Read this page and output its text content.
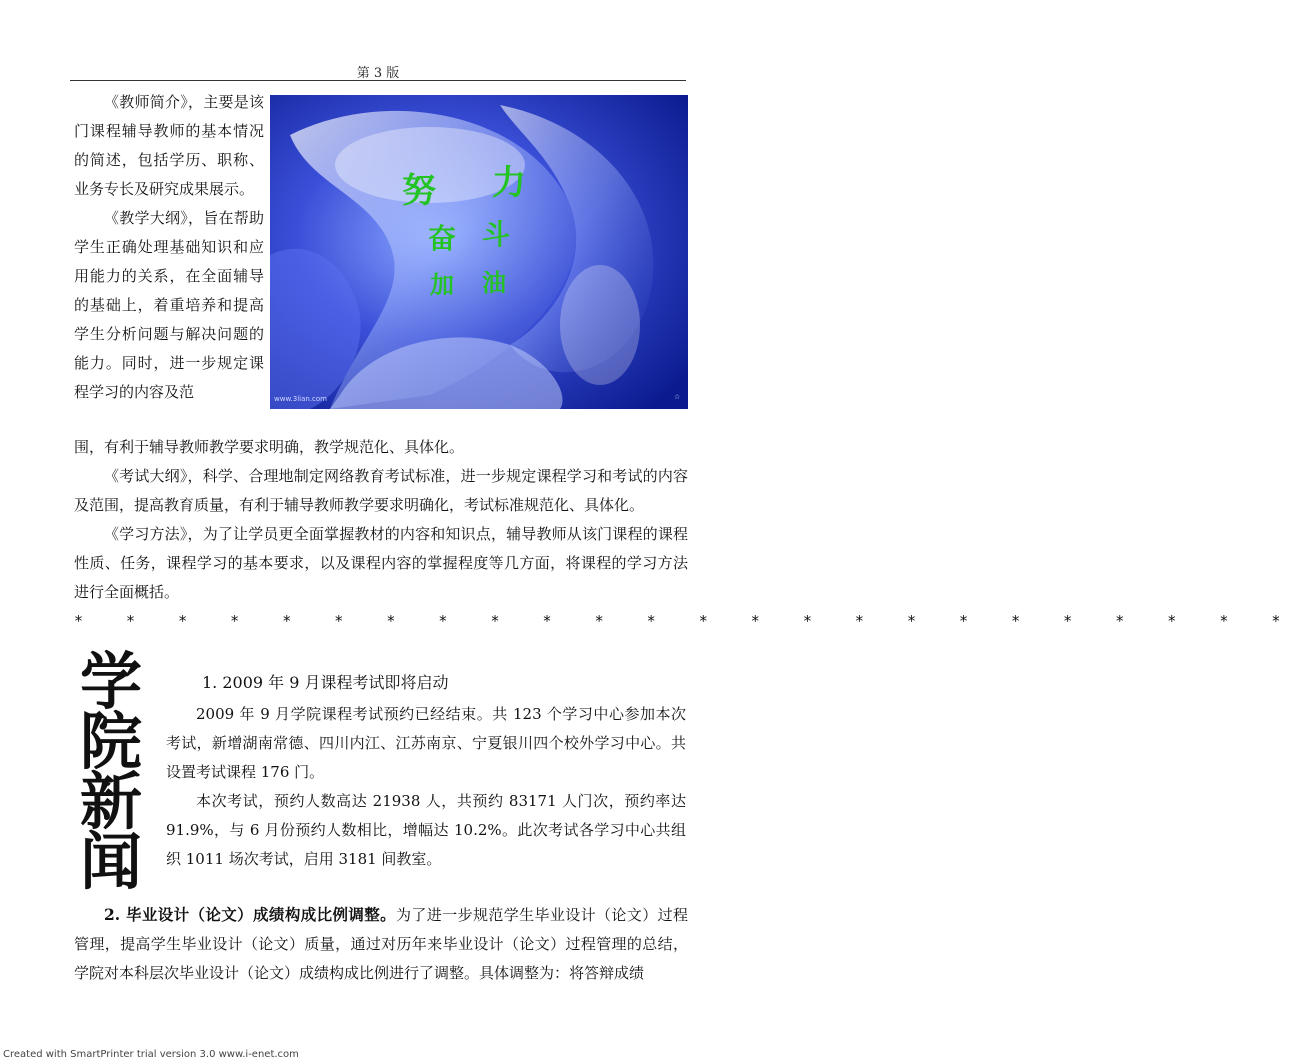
第 3 版

《教师简介》，主要是该门课程辅导教师的基本情况的简述，包括学历、职称、业务专长及研究成果展示。

《教学大纲》，旨在帮助学生正确处理基础知识和应用能力的关系，在全面辅导的基础上，着重培养和提高学生分析问题与解决问题的能力。同时，进一步规定课程学习的内容及范

努 力
奋 斗
加 油
www.3lian.com	☆

围，有利于辅导教师教学要求明确，教学规范化、具体化。

《考试大纲》，科学、合理地制定网络教育考试标准，进一步规定课程学习和考试的内容及范围，提高教育质量，有利于辅导教师教学要求明确化，考试标准规范化、具体化。

《学习方法》，为了让学员更全面掌握教材的内容和知识点，辅导教师从该门课程的课程性质、任务，课程学习的基本要求，以及课程内容的掌握程度等几方面，将课程的学习方法进行全面概括。

* * * * * * * * * * * * * * * * * * * * * * * *
学
院
新
闻
1. 2009 年 9 月课程考试即将启动

2009 年 9 月学院课程考试预约已经结束。共 123 个学习中心参加本次考试，新增湖南常德、四川内江、江苏南京、宁夏银川四个校外学习中心。共设置考试课程 176 门。

本次考试，预约人数高达 21938 人，共预约 83171 人门次，预约率达 91.9%，与 6 月份预约人数相比，增幅达 10.2%。此次考试各学习中心共组织 1011 场次考试，启用 3181 间教室。

2. 毕业设计（论文）成绩构成比例调整。为了进一步规范学生毕业设计（论文）过程管理，提高学生毕业设计（论文）质量，通过对历年来毕业设计（论文）过程管理的总结，学院对本科层次毕业设计（论文）成绩构成比例进行了调整。具体调整为：将答辩成绩

Created with SmartPrinter trial version 3.0 www.i-enet.com
